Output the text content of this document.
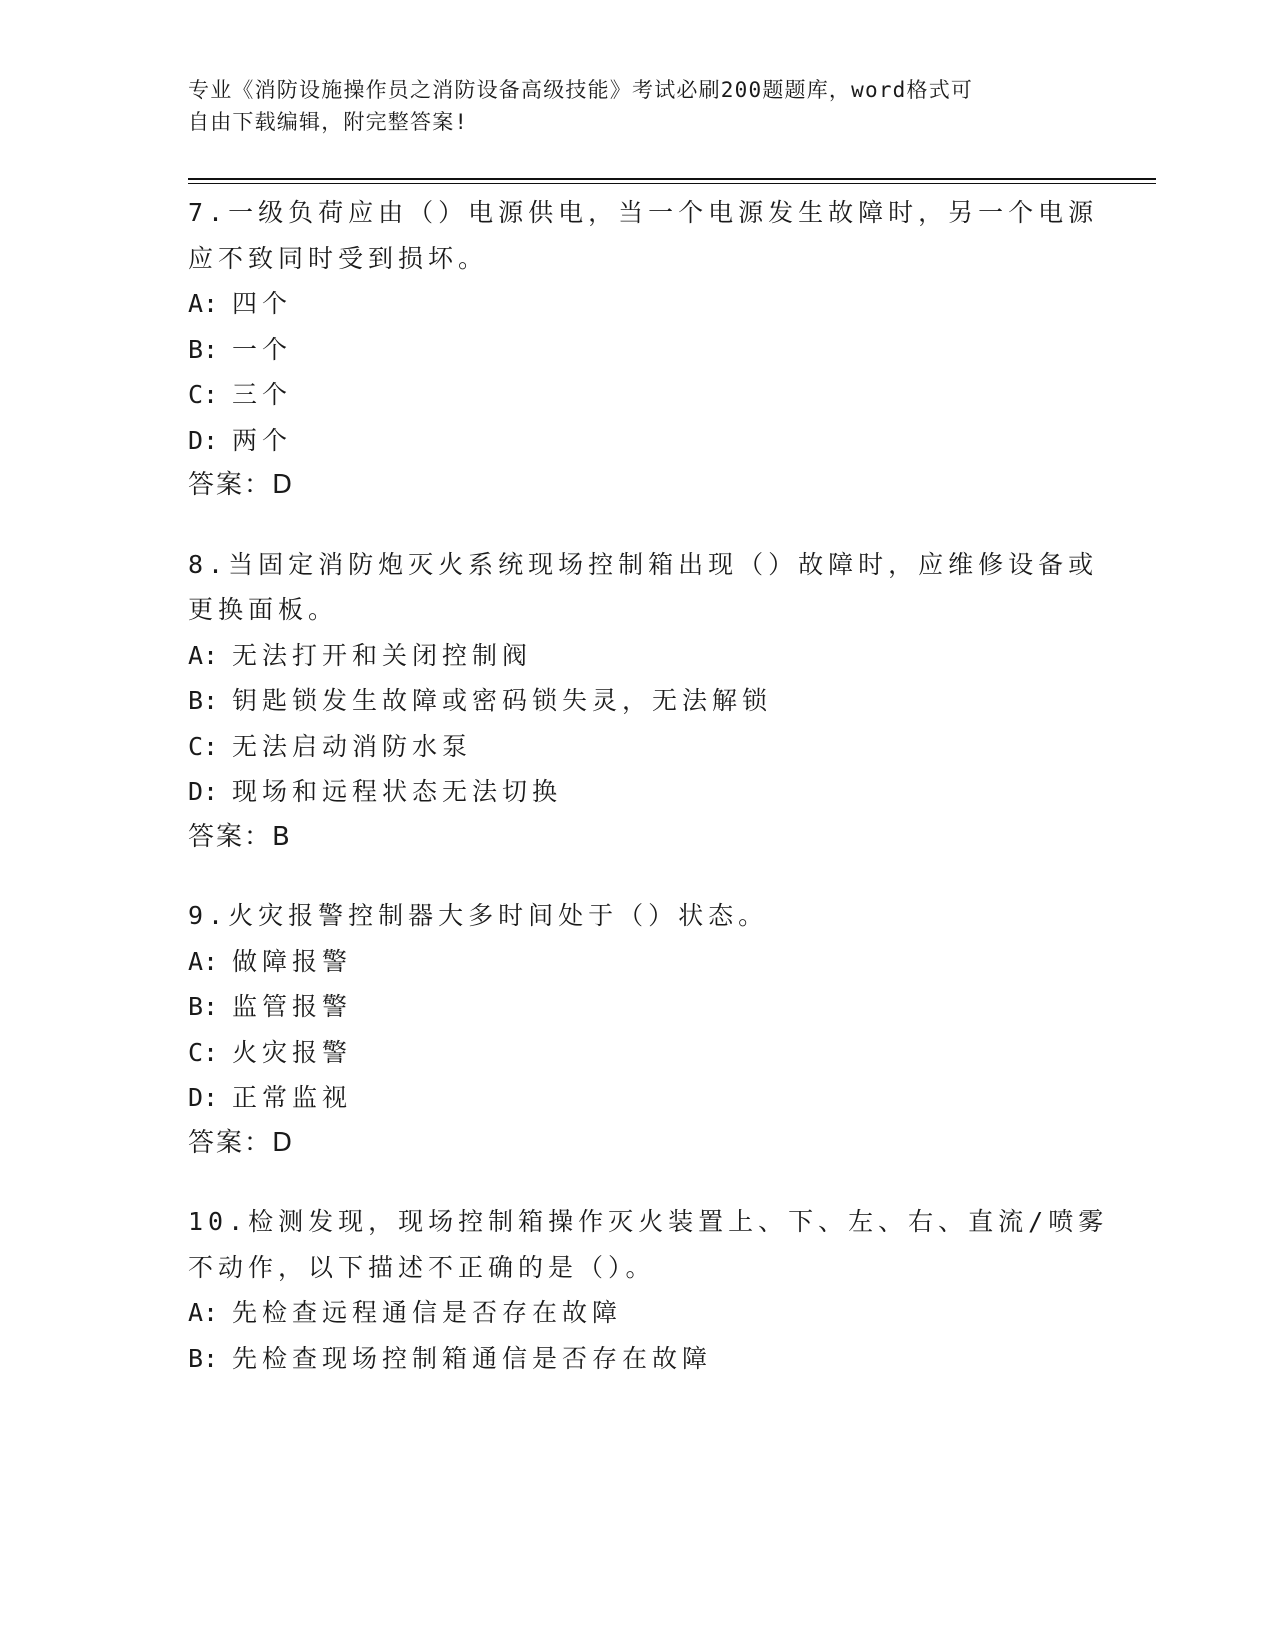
专业《消防设施操作员之消防设备高级技能》考试必刷200题题库，word格式可
自由下载编辑，附完整答案!
7.一级负荷应由（）电源供电，当一个电源发生故障时，另一个电源
应不致同时受到损坏。
A: 四个
B: 一个
C: 三个
D: 两个
答案：D
8.当固定消防炮灭火系统现场控制箱出现（）故障时，应维修设备或
更换面板。
A: 无法打开和关闭控制阀
B: 钥匙锁发生故障或密码锁失灵，无法解锁
C: 无法启动消防水泵
D: 现场和远程状态无法切换
答案：B
9.火灾报警控制器大多时间处于（）状态。
A: 做障报警
B: 监管报警
C: 火灾报警
D: 正常监视
答案：D
10.检测发现，现场控制箱操作灭火装置上、下、左、右、直流/喷雾
不动作，以下描述不正确的是（）。
A: 先检查远程通信是否存在故障
B: 先检查现场控制箱通信是否存在故障
